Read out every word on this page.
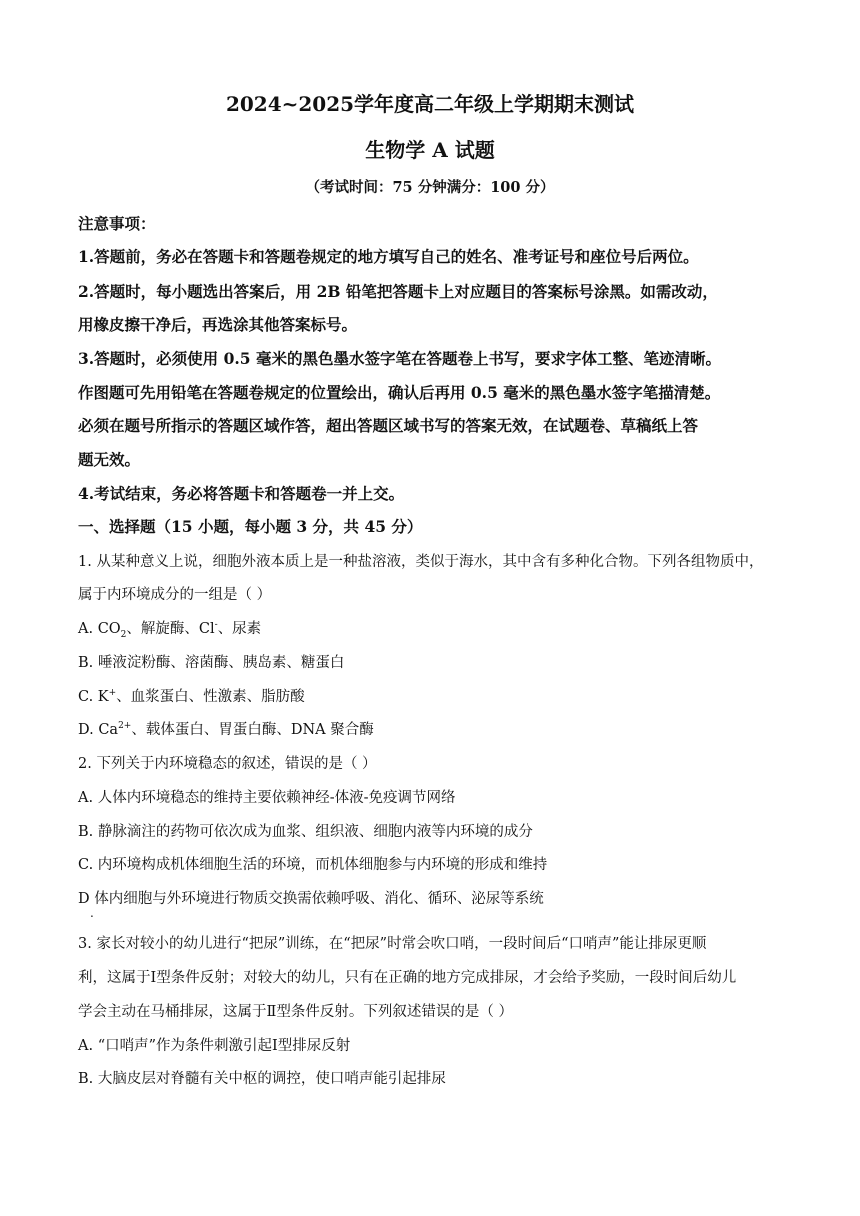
2024~2025学年度高二年级上学期期末测试
生物学 A 试题
（考试时间：75 分钟满分：100 分）
注意事项：
1.答题前，务必在答题卡和答题卷规定的地方填写自己的姓名、准考证号和座位号后两位。
2.答题时，每小题选出答案后，用 2B 铅笔把答题卡上对应题目的答案标号涂黑。如需改动，
用橡皮擦干净后，再选涂其他答案标号。
3.答题时，必须使用 0.5 毫米的黑色墨水签字笔在答题卷上书写，要求字体工整、笔迹清晰。
作图题可先用铅笔在答题卷规定的位置绘出，确认后再用 0.5 毫米的黑色墨水签字笔描清楚。
必须在题号所指示的答题区域作答，超出答题区域书写的答案无效，在试题卷、草稿纸上答
题无效。
4.考试结束，务必将答题卡和答题卷一并上交。
一、选择题（15 小题，每小题 3 分，共 45 分）
1. 从某种意义上说，细胞外液本质上是一种盐溶液，类似于海水，其中含有多种化合物。下列各组物质中，
属于内环境成分的一组是（ ）
A. $CO_2$、解旋酶、Cl-、尿素
B. 唾液淀粉酶、溶菌酶、胰岛素、糖蛋白
C. K+、血浆蛋白、性激素、脂肪酸
D. $Ca^{2+}$、载体蛋白、胃蛋白酶、DNA 聚合酶
2. 下列关于内环境稳态的叙述，错误的是（ ）
A. 人体内环境稳态的维持主要依赖神经-体液-免疫调节网络
B. 静脉滴注的药物可依次成为血浆、组织液、细胞内液等内环境的成分
C. 内环境构成机体细胞生活的环境，而机体细胞参与内环境的形成和维持
D 体内细胞与外环境进行物质交换需依赖呼吸、消化、循环、泌尿等系统
.
3. 家长对较小的幼儿进行“把尿”训练，在“把尿”时常会吹口哨，一段时间后“口哨声”能让排尿更顺
利，这属于Ⅰ型条件反射；对较大的幼儿，只有在正确的地方完成排尿，才会给予奖励，一段时间后幼儿
学会主动在马桶排尿，这属于Ⅱ型条件反射。下列叙述错误的是（ ）
A. “口哨声”作为条件刺激引起Ⅰ型排尿反射
B. 大脑皮层对脊髓有关中枢的调控，使口哨声能引起排尿
